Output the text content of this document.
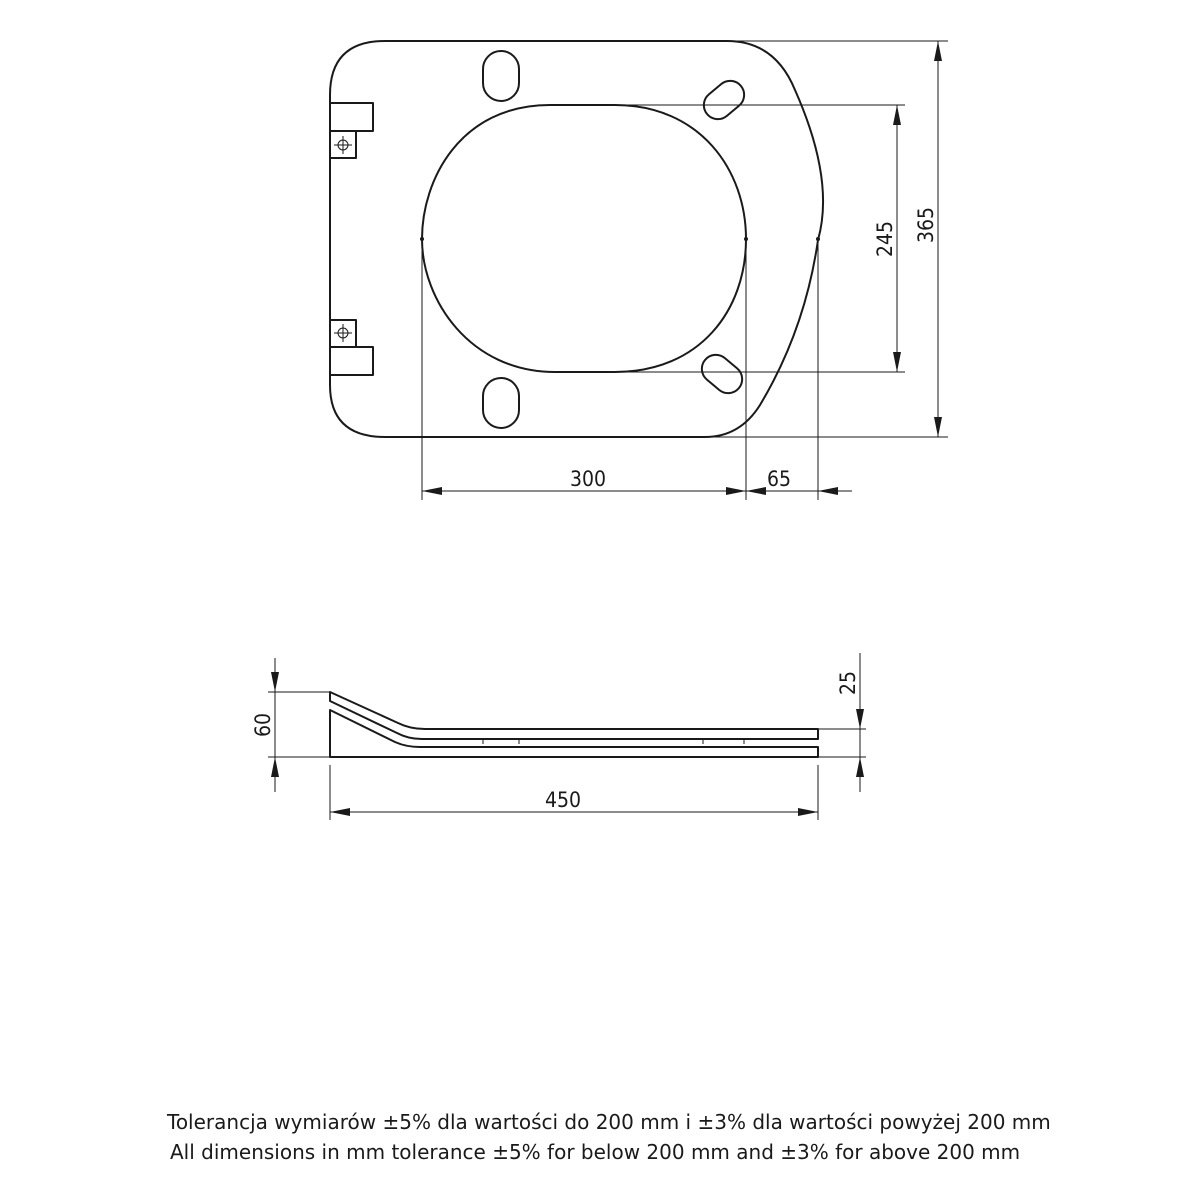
300	65
245 365
60
25
450
Tolerancja wymiarów ±5% dla wartości do 200 mm i ±3% dla wartości powyżej 200 mm
All dimensions in mm tolerance ±5% for below 200 mm and ±3% for above 200 mm
